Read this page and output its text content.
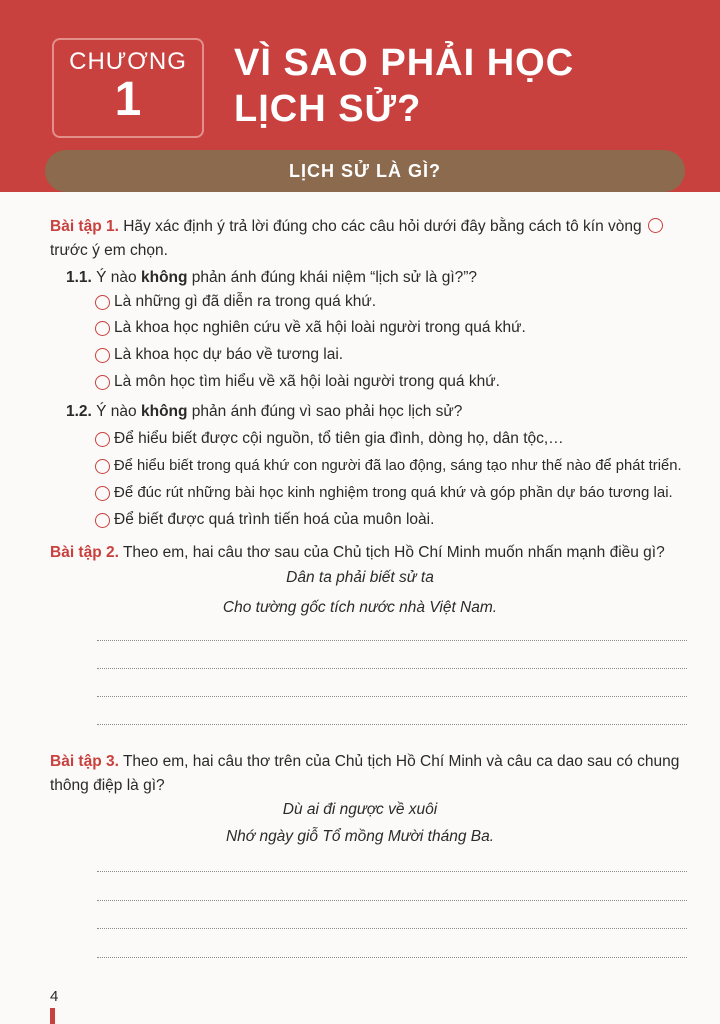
CHƯƠNG
1
VÌ SAO PHẢI HỌC
LỊCH SỬ?
LỊCH SỬ LÀ GÌ?
Bài tập 1. Hãy xác định ý trả lời đúng cho các câu hỏi dưới đây bằng cách tô kín vòng
trước ý em chọn.
1.1. Ý nào không phản ánh đúng khái niệm “lịch sử là gì?”?
Là những gì đã diễn ra trong quá khứ.
Là khoa học nghiên cứu về xã hội loài người trong quá khứ.
Là khoa học dự báo về tương lai.
Là môn học tìm hiểu về xã hội loài người trong quá khứ.
1.2. Ý nào không phản ánh đúng vì sao phải học lịch sử?
Để hiểu biết được cội nguồn, tổ tiên gia đình, dòng họ, dân tộc,…
Để hiểu biết trong quá khứ con người đã lao động, sáng tạo như thế nào để phát triển.
Để đúc rút những bài học kinh nghiệm trong quá khứ và góp phần dự báo tương lai.
Để biết được quá trình tiến hoá của muôn loài.
Bài tập 2. Theo em, hai câu thơ sau của Chủ tịch Hồ Chí Minh muốn nhấn mạnh điều gì?
Dân ta phải biết sử ta
Cho tường gốc tích nước nhà Việt Nam.
Bài tập 3. Theo em, hai câu thơ trên của Chủ tịch Hồ Chí Minh và câu ca dao sau có chung
thông điệp là gì?
Dù ai đi ngược về xuôi
Nhớ ngày giỗ Tổ mồng Mười tháng Ba.
4
